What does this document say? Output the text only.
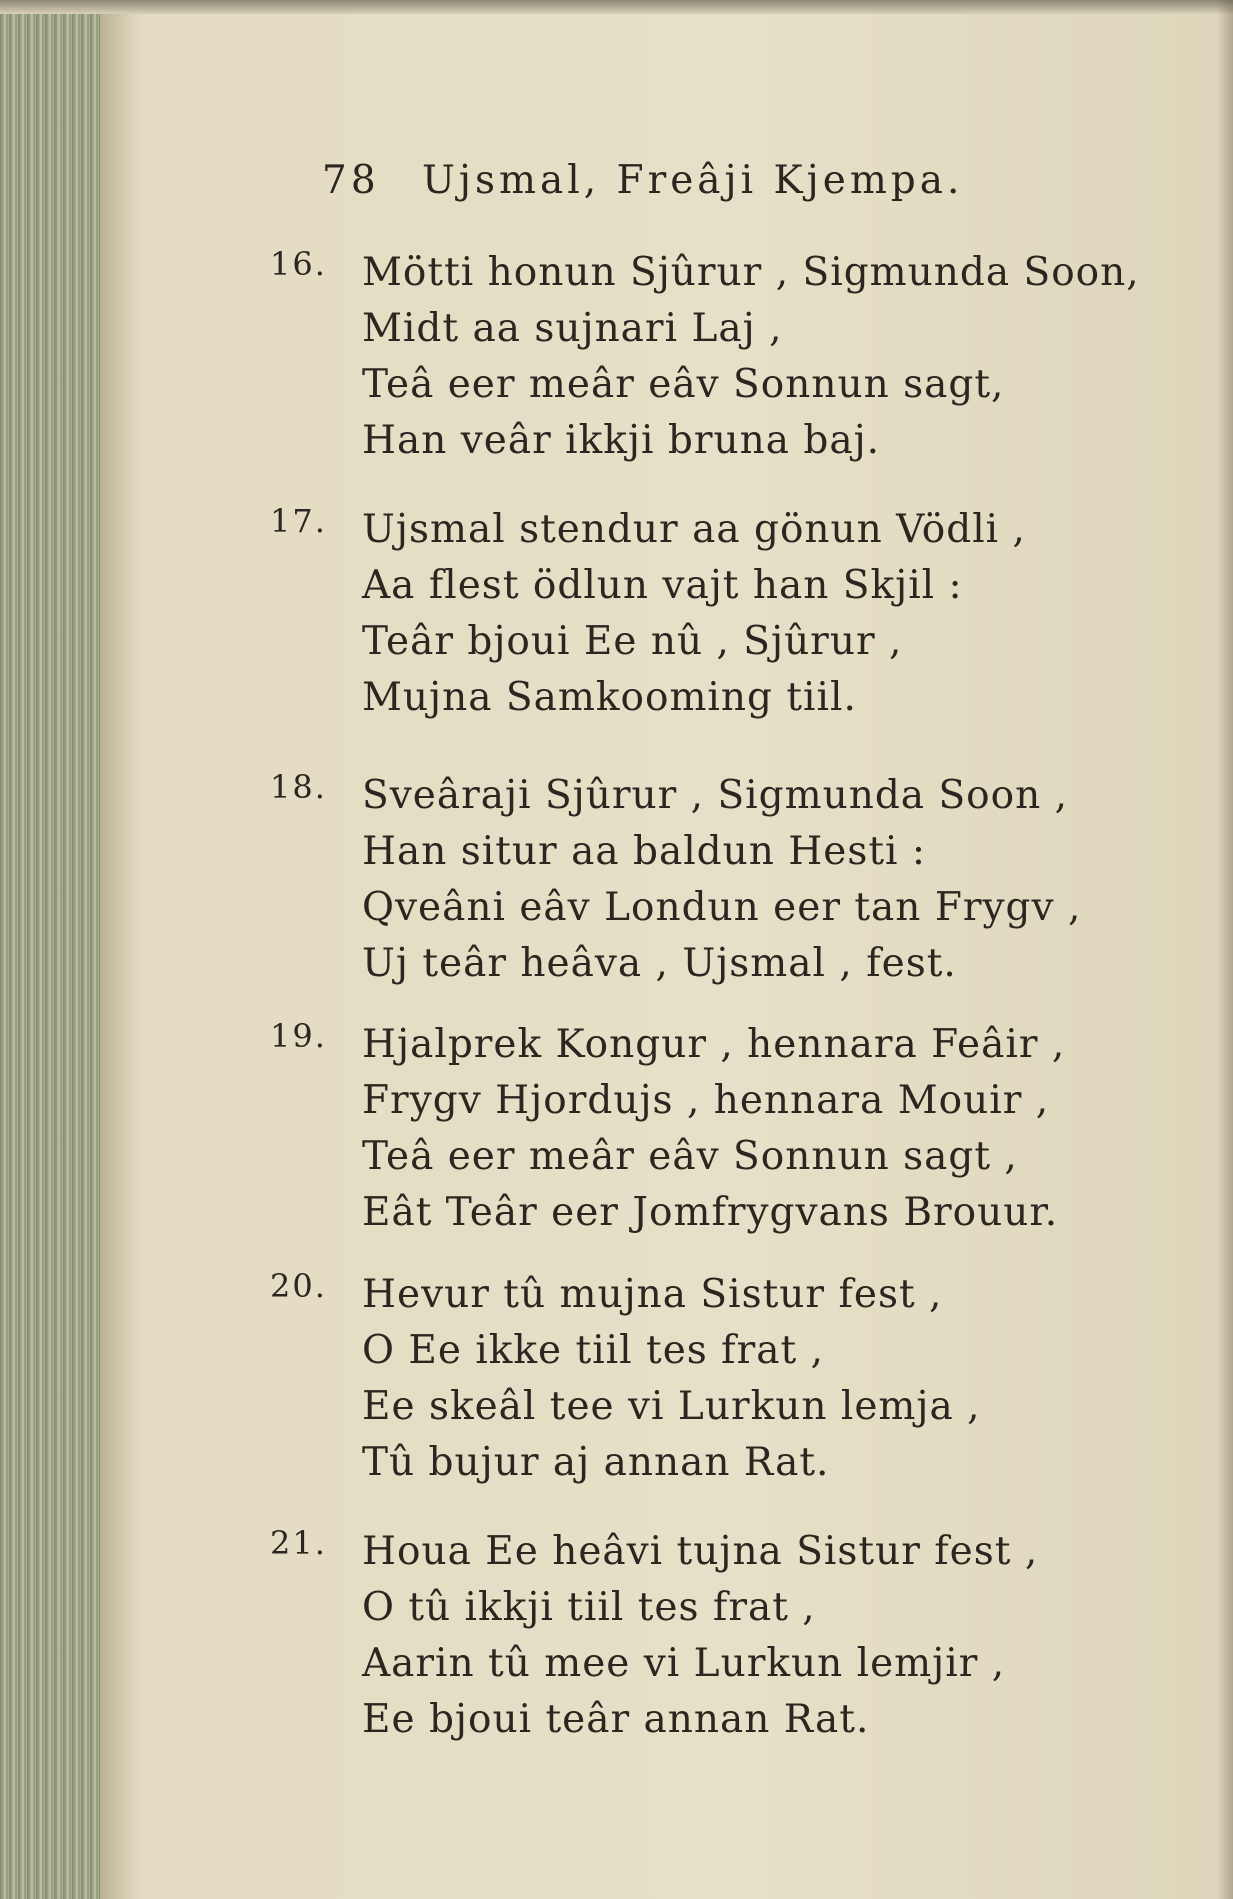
78 Ujsmal, Freâji Kjempa.
16. Mötti honun Sjûrur , Sigmunda Soon,
Midt aa sujnari Laj ,
Teâ eer meâr eâv Sonnun sagt,
Han veâr ikkji bruna baj.
17. Ujsmal stendur aa gönun Vödli ,
Aa flest ödlun vajt han Skjil :
Teâr bjoui Ee nû , Sjûrur ,
Mujna Samkooming tiil.
18. Sveâraji Sjûrur , Sigmunda Soon ,
Han situr aa baldun Hesti :
Qveâni eâv Londun eer tan Frygv ,
Uj teâr heâva , Ujsmal , fest.
19. Hjalprek Kongur , hennara Feâir ,
Frygv Hjordujs , hennara Mouir ,
Teâ eer meâr eâv Sonnun sagt ,
Eât Teâr eer Jomfrygvans Brouur.
20. Hevur tû mujna Sistur fest ,
O Ee ikke tiil tes frat ,
Ee skeâl tee vi Lurkun lemja ,
Tû bujur aj annan Rat.
21. Houa Ee heâvi tujna Sistur fest ,
O tû ikkji tiil tes frat ,
Aarin tû mee vi Lurkun lemjir ,
Ee bjoui teâr annan Rat.
